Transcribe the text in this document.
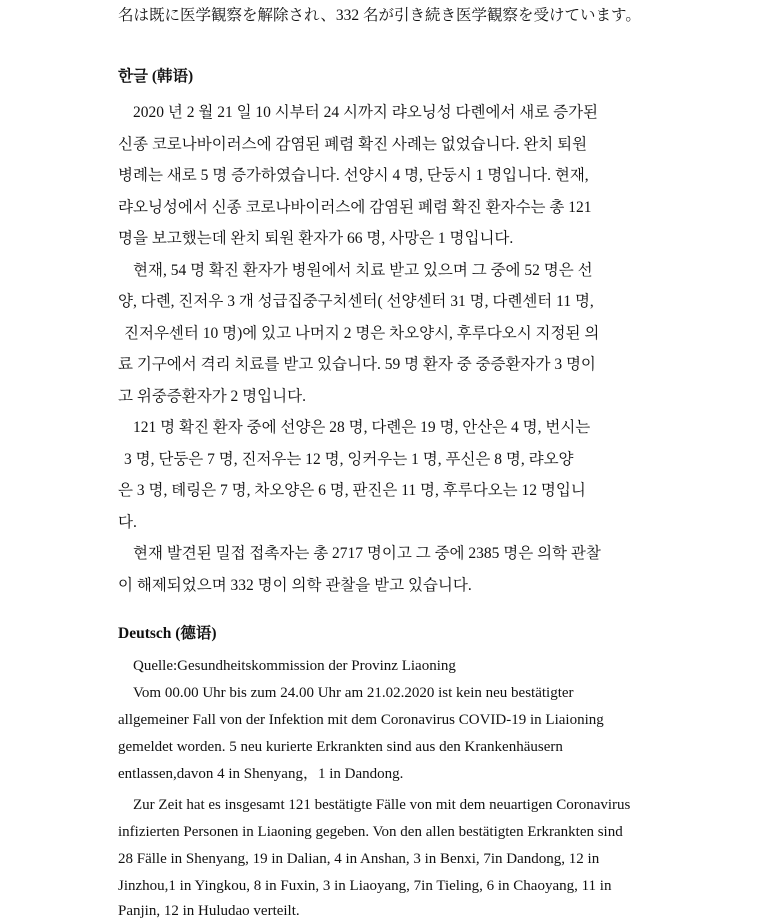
名は既に医学観察を解除され、332 名が引き続き医学観察を受けています。
한글 (韩语)
2020 년 2 월 21 일 10 시부터 24 시까지 랴오닝성 다롄에서 새로 증가된
신종 코로나바이러스에 감염된 폐렴 확진 사례는 없었습니다. 완치 퇴원
병례는 새로 5 명 증가하였습니다. 선양시 4 명, 단둥시 1 명입니다. 현재,
랴오닝성에서 신종 코로나바이러스에 감염된 폐렴 확진 환자수는 총 121
명을 보고했는데 완치 퇴원 환자가 66 명, 사망은 1 명입니다.
현재, 54 명 확진 환자가 병원에서 치료 받고 있으며 그 중에 52 명은 선
양, 다롄, 진저우 3 개 성급집중구치센터( 선양센터 31 명, 다롄센터 11 명,
진저우센터 10 명)에 있고 나머지 2 명은 차오양시, 후루다오시 지정된 의
료 기구에서 격리 치료를 받고 있습니다. 59 명 환자 중 중증환자가 3 명이
고 위중증환자가 2 명입니다.
121 명 확진 환자 중에 선양은 28 명, 다롄은 19 명, 안산은 4 명, 번시는
3 명, 단둥은 7 명, 진저우는 12 명, 잉커우는 1 명, 푸신은 8 명, 랴오양
은 3 명, 톄링은 7 명, 차오양은 6 명, 판진은 11 명, 후루다오는 12 명입니
다.
현재 발견된 밀접 접촉자는 총 2717 명이고 그 중에 2385 명은 의학 관찰
이 해제되었으며 332 명이 의학 관찰을 받고 있습니다.
Deutsch (德语)
Quelle:Gesundheitskommission der Provinz Liaoning
Vom 00.00 Uhr bis zum 24.00 Uhr am 21.02.2020 ist kein neu bestätigter
allgemeiner Fall von der Infektion mit dem Coronavirus COVID-19 in Liaioning
gemeldet worden. 5 neu kurierte Erkrankten sind aus den Krankenhäusern
entlassen,davon 4 in Shenyang，1 in Dandong.
Zur Zeit hat es insgesamt 121 bestätigte Fälle von mit dem neuartigen Coronavirus
infizierten Personen in Liaoning gegeben. Von den allen bestätigten Erkrankten sind
28 Fälle in Shenyang, 19 in Dalian, 4 in Anshan, 3 in Benxi, 7in Dandong, 12 in
Jinzhou,1 in Yingkou, 8 in Fuxin, 3 in Liaoyang, 7in Tieling, 6 in Chaoyang, 11 in
Panjin, 12 in Huludao verteilt.
